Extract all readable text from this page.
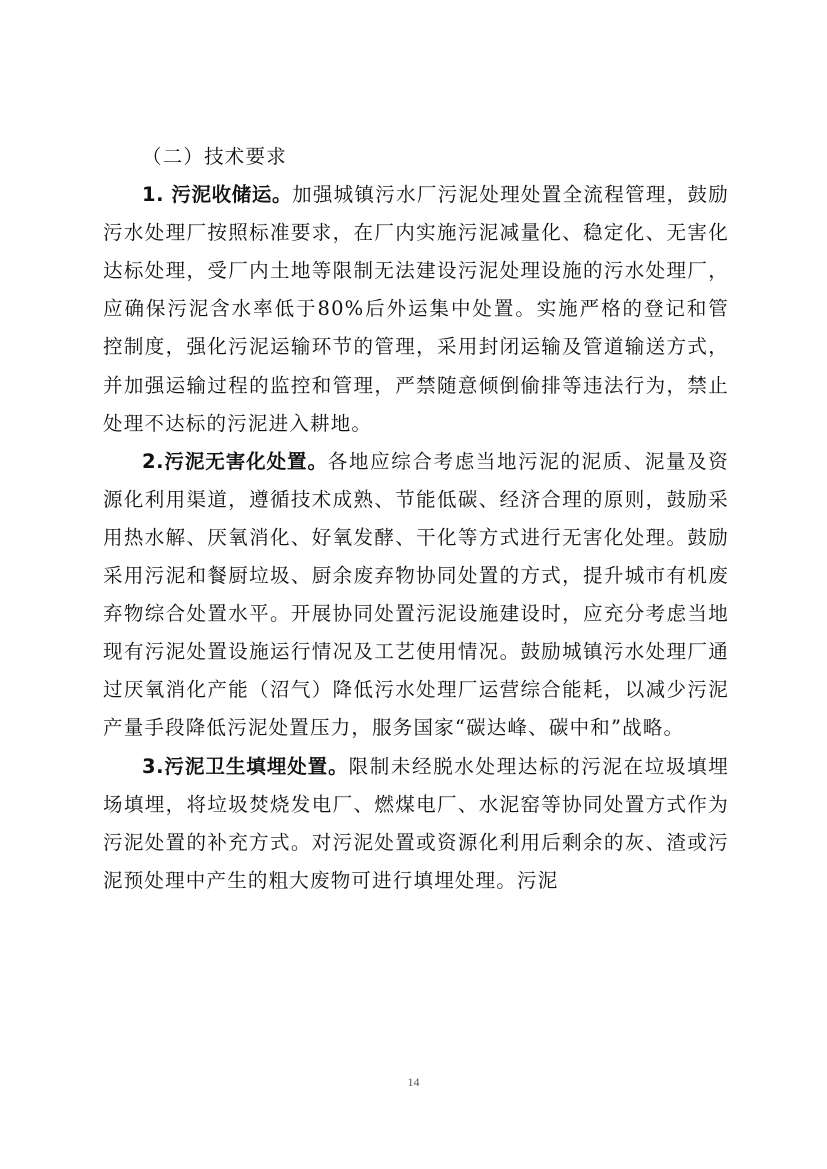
（二）技术要求

1. 污泥收储运。加强城镇污水厂污泥处理处置全流程管理，鼓励污水处理厂按照标准要求，在厂内实施污泥减量化、稳定化、无害化达标处理，受厂内土地等限制无法建设污泥处理设施的污水处理厂，应确保污泥含水率低于80%后外运集中处置。实施严格的登记和管控制度，强化污泥运输环节的管理，采用封闭运输及管道输送方式，并加强运输过程的监控和管理，严禁随意倾倒偷排等违法行为，禁止处理不达标的污泥进入耕地。

2.污泥无害化处置。各地应综合考虑当地污泥的泥质、泥量及资源化利用渠道，遵循技术成熟、节能低碳、经济合理的原则，鼓励采用热水解、厌氧消化、好氧发酵、干化等方式进行无害化处理。鼓励采用污泥和餐厨垃圾、厨余废弃物协同处置的方式，提升城市有机废弃物综合处置水平。开展协同处置污泥设施建设时，应充分考虑当地现有污泥处置设施运行情况及工艺使用情况。鼓励城镇污水处理厂通过厌氧消化产能（沼气）降低污水处理厂运营综合能耗，以减少污泥产量手段降低污泥处置压力，服务国家“碳达峰、碳中和”战略。

3.污泥卫生填埋处置。限制未经脱水处理达标的污泥在垃圾填埋场填埋，将垃圾焚烧发电厂、燃煤电厂、水泥窑等协同处置方式作为污泥处置的补充方式。对污泥处置或资源化利用后剩余的灰、渣或污泥预处理中产生的粗大废物可进行填埋处理。污泥

14
